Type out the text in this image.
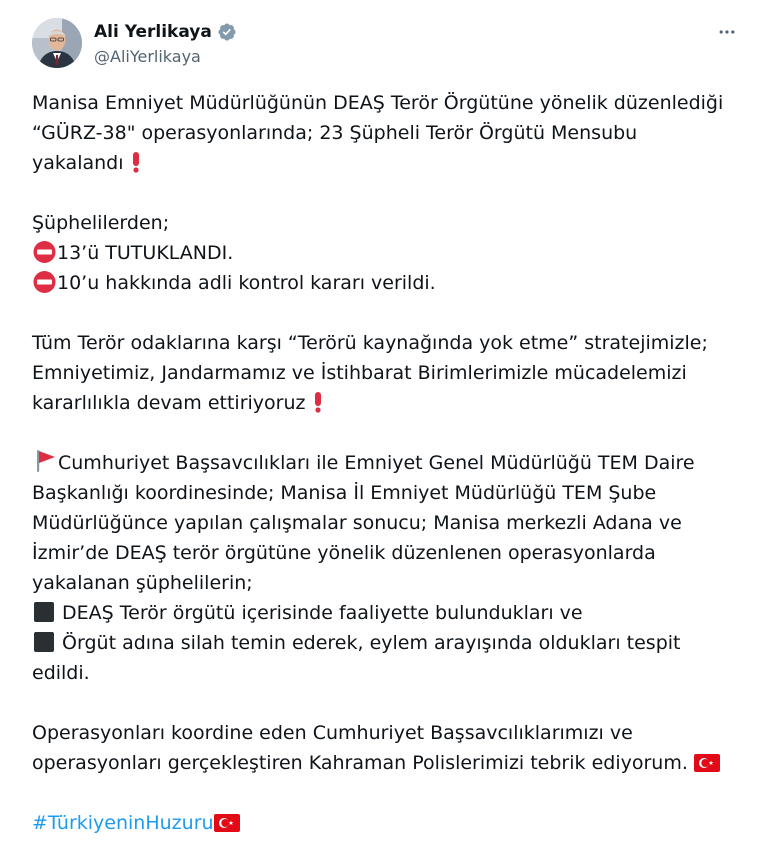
Ali Yerlikaya
@AliYerlikaya
Manisa Emniyet Müdürlüğünün DEAŞ Terör Örgütüne yönelik düzenlediği
“GÜRZ-38" operasyonlarında; 23 Şüpheli Terör Örgütü Mensubu
yakalandı
Şüphelilerden;
13’ü TUTUKLANDI.
10’u hakkında adli kontrol kararı verildi.
Tüm Terör odaklarına karşı “Terörü kaynağında yok etme” stratejimizle;
Emniyetimiz, Jandarmamız ve İstihbarat Birimlerimizle mücadelemizi
kararlılıkla devam ettiriyoruz
Cumhuriyet Başsavcılıkları ile Emniyet Genel Müdürlüğü TEM Daire
Başkanlığı koordinesinde; Manisa İl Emniyet Müdürlüğü TEM Şube
Müdürlüğünce yapılan çalışmalar sonucu; Manisa merkezli Adana ve
İzmir’de DEAŞ terör örgütüne yönelik düzenlenen operasyonlarda
yakalanan şüphelilerin;
DEAŞ Terör örgütü içerisinde faaliyette bulundukları ve
Örgüt adına silah temin ederek, eylem arayışında oldukları tespit
edildi.
Operasyonları koordine eden Cumhuriyet Başsavcılıklarımızı ve
operasyonları gerçekleştiren Kahraman Polislerimizi tebrik ediyorum.
#TürkiyeninHuzuru
